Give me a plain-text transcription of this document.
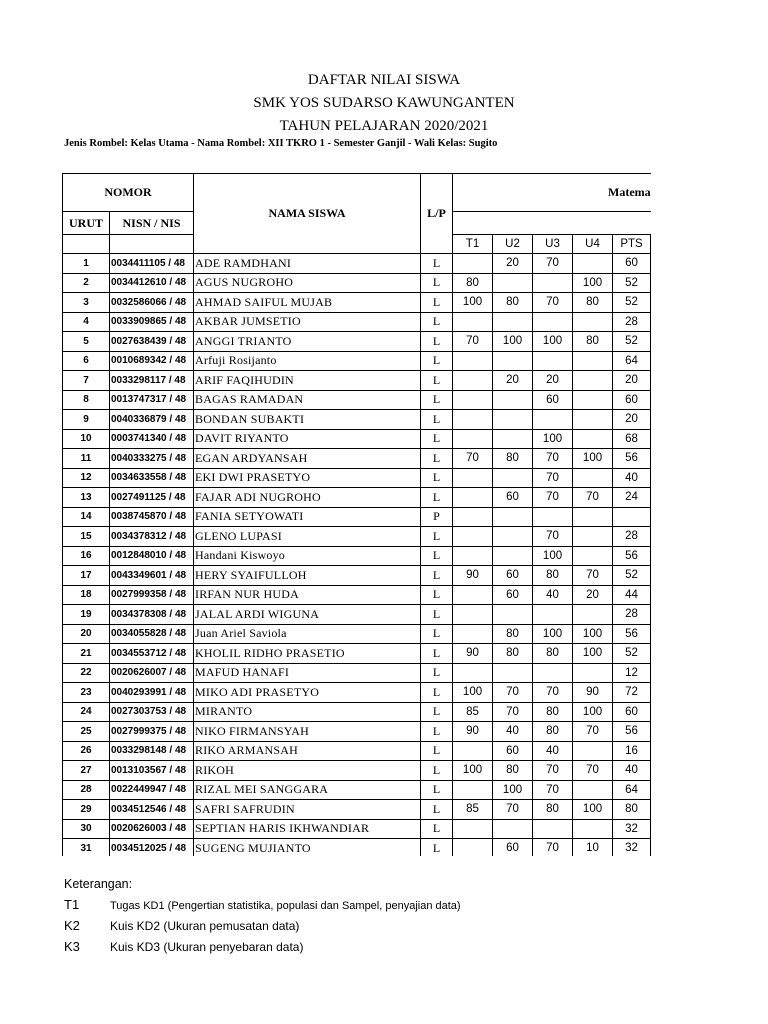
DAFTAR NILAI SISWA
SMK YOS SUDARSO KAWUNGANTEN
TAHUN PELAJARAN 2020/2021
Jenis Rombel: Kelas Utama - Nama Rombel: XII TKRO 1 - Semester Ganjil - Wali Kelas: Sugito
NOMOR		NAMA SISWA	L/P	Matema					
URUT	NISN / NIS								
				T1	U2	U3	U4	PTS	
1	0034411105 / 48	ADE RAMDHANI	L		20	70		60	
2	0034412610 / 48	AGUS NUGROHO	L	80			100	52	
3	0032586066 / 48	AHMAD SAIFUL MUJAB	L	100	80	70	80	52	
4	0033909865 / 48	AKBAR JUMSETIO	L					28	
5	0027638439 / 48	ANGGI TRIANTO	L	70	100	100	80	52	
6	0010689342 / 48	Arfuji Rosijanto	L					64	
7	0033298117 / 48	ARIF FAQIHUDIN	L		20	20		20	
8	0013747317 / 48	BAGAS RAMADAN	L			60		60	
9	0040336879 / 48	BONDAN SUBAKTI	L					20	
10	0003741340 / 48	DAVIT RIYANTO	L			100		68	
11	0040333275 / 48	EGAN ARDYANSAH	L	70	80	70	100	56	
12	0034633558 / 48	EKI DWI PRASETYO	L			70		40	
13	0027491125 / 48	FAJAR ADI NUGROHO	L		60	70	70	24	
14	0038745870 / 48	FANIA SETYOWATI	P						
15	0034378312 / 48	GLENO LUPASI	L			70		28	
16	0012848010 / 48	Handani Kiswoyo	L			100		56	
17	0043349601 / 48	HERY SYAIFULLOH	L	90	60	80	70	52	
18	0027999358 / 48	IRFAN NUR HUDA	L		60	40	20	44	
19	0034378308 / 48	JALAL ARDI WIGUNA	L					28	
20	0034055828 / 48	Juan Ariel Saviola	L		80	100	100	56	
21	0034553712 / 48	KHOLIL RIDHO PRASETIO	L	90	80	80	100	52	
22	0020626007 / 48	MAFUD HANAFI	L					12	
23	0040293991 / 48	MIKO ADI PRASETYO	L	100	70	70	90	72	
24	0027303753 / 48	MIRANTO	L	85	70	80	100	60	
25	0027999375 / 48	NIKO FIRMANSYAH	L	90	40	80	70	56	
26	0033298148 / 48	RIKO ARMANSAH	L		60	40		16	
27	0013103567 / 48	RIKOH	L	100	80	70	70	40	
28	0022449947 / 48	RIZAL MEI SANGGARA	L		100	70		64	
29	0034512546 / 48	SAFRI SAFRUDIN	L	85	70	80	100	80	
30	0020626003 / 48	SEPTIAN HARIS IKHWANDIAR	L					32	
31	0034512025 / 48	SUGENG MUJIANTO	L		60	70	10	32	
Keterangan:
T1	Tugas KD1 (Pengertian statistika, populasi dan Sampel, penyajian data)
K2	Kuis KD2 (Ukuran pemusatan data)
K3	Kuis KD3 (Ukuran penyebaran data)
